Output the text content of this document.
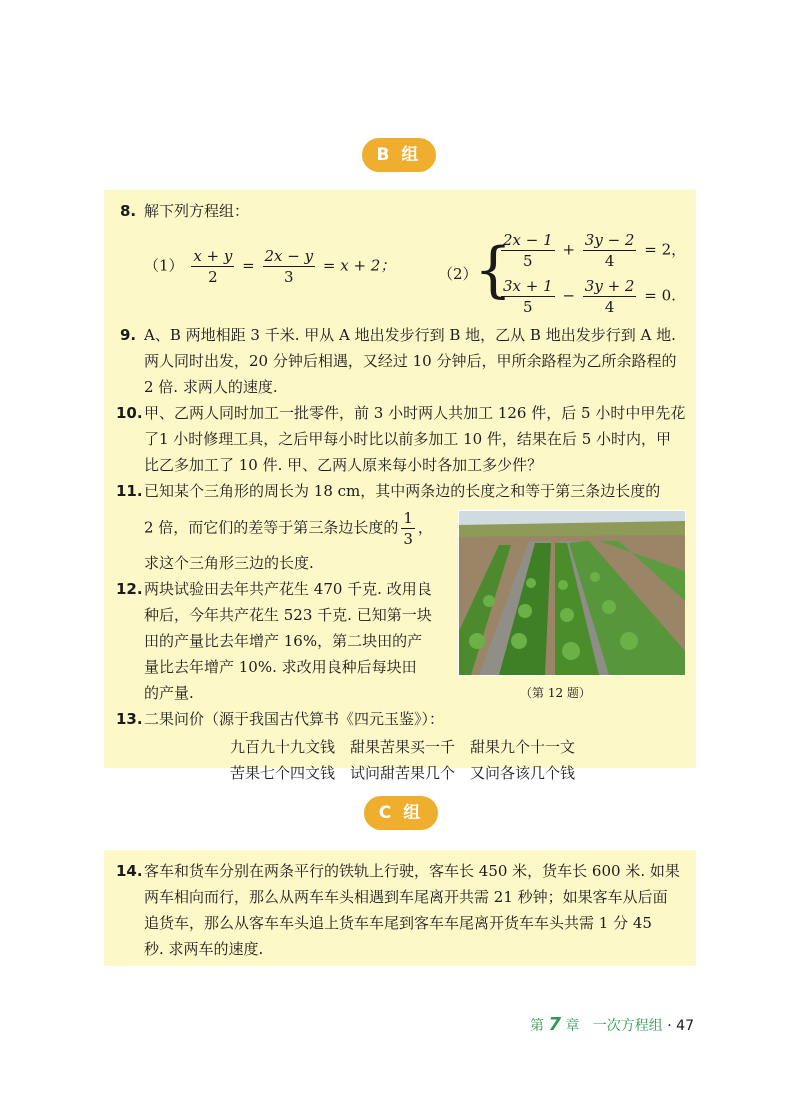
B 组
8. 解下列方程组：
$(1) \frac{x + y}{2} = \frac{2x - y}{3} = x + 2$；	（2）
{
$\frac{2x - 1}{5} + \frac{3y - 2}{4} = 2$，
$\frac{3x + 1}{5} - \frac{3y + 2}{4} = 0$.
9. A、B 两地相距 3 千米. 甲从 A 地出发步行到 B 地，乙从 B 地出发步行到 A 地.
两人同时出发，20 分钟后相遇，又经过 10 分钟后，甲所余路程为乙所余路程的
2 倍. 求两人的速度.
10. 甲、乙两人同时加工一批零件，前 3 小时两人共加工 126 件，后 5 小时中甲先花
了1 小时修理工具，之后甲每小时比以前多加工 10 件，结果在后 5 小时内，甲
比乙多加工了 10 件. 甲、乙两人原来每小时各加工多少件？
11. 已知某个三角形的周长为 18 cm，其中两条边的长度之和等于第三条边长度的
2 倍，而它们的差等于第三条边长度的 $\frac{1}{3}$ ，
求这个三角形三边的长度.
12. 两块试验田去年共产花生 470 千克. 改用良
种后，今年共产花生 523 千克. 已知第一块
田的产量比去年增产 16%，第二块田的产
量比去年增产 10%. 求改用良种后每块田
的产量.
13. 二果问价（源于我国古代算书《四元玉鉴》）：
九百九十九文钱　甜果苦果买一千　甜果九个十一文
苦果七个四文钱　试问甜苦果几个　又问各该几个钱
（第 12 题）
C 组
14. 客车和货车分别在两条平行的铁轨上行驶，客车长 450 米，货车长 600 米. 如果
两车相向而行，那么从两车车头相遇到车尾离开共需 21 秒钟；如果客车从后面
追货车，那么从客车车头追上货车车尾到客车车尾离开货车车头共需 1 分 45
秒. 求两车的速度.
第 7 章 一次方程组 · 47
